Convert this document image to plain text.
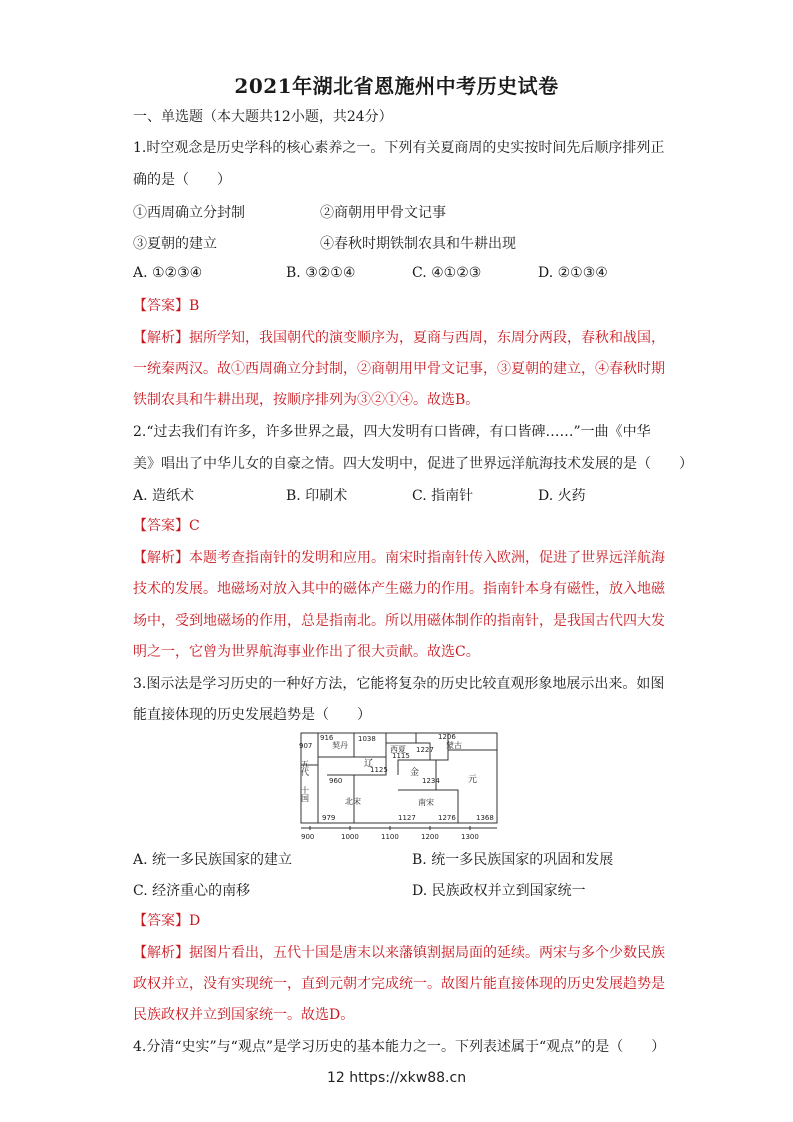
2021年湖北省恩施州中考历史试卷
一、单选题（本大题共12小题，共24分）
1.时空观念是历史学科的核心素养之一。下列有关夏商周的史实按时间先后顺序排列正
确的是（　　）
①西周确立分封制	②商朝用甲骨文记事
③夏朝的建立	④春秋时期铁制农具和牛耕出现
A. ①②③④	B. ③②①④	C. ④①②③	D. ②①③④
【答案】B
【解析】据所学知，我国朝代的演变顺序为，夏商与西周，东周分两段，春秋和战国，
一统秦两汉。故①西周确立分封制，②商朝用甲骨文记事，③夏朝的建立，④春秋时期
铁制农具和牛耕出现，按顺序排列为③②①④。故选B。
2.“过去我们有许多，许多世界之最，四大发明有口皆碑，有口皆碑……”一曲《中华
美》唱出了中华儿女的自豪之情。四大发明中，促进了世界远洋航海技术发展的是（　　）
A. 造纸术	B. 印刷术	C. 指南针	D. 火药
【答案】C
【解析】本题考查指南针的发明和应用。南宋时指南针传入欧洲，促进了世界远洋航海
技术的发展。地磁场对放入其中的磁体产生磁力的作用。指南针本身有磁性，放入地磁
场中，受到地磁场的作用，总是指南北。所以用磁体制作的指南针，是我国古代四大发
明之一，它曾为世界航海事业作出了很大贡献。故选C。
3.图示法是学习历史的一种好方法，它能将复杂的历史比较直观形象地展示出来。如图
能直接体现的历史发展趋势是（　　）
907
916
契丹
1038
西夏 1227
1206
蒙古
五代	辽
1115
1125 金
960	1234	元
十国	北宋	南宋
979	1127	1276	1368
900	1000	1100	1200	1300
A. 统一多民族国家的建立	B. 统一多民族国家的巩固和发展
C. 经济重心的南移	D. 民族政权并立到国家统一
【答案】D
【解析】据图片看出，五代十国是唐末以来藩镇割据局面的延续。两宋与多个少数民族
政权并立，没有实现统一，直到元朝才完成统一。故图片能直接体现的历史发展趋势是
民族政权并立到国家统一。故选D。
4.分清“史实”与“观点”是学习历史的基本能力之一。下列表述属于“观点”的是（　　）
12 https://xkw88.cn
